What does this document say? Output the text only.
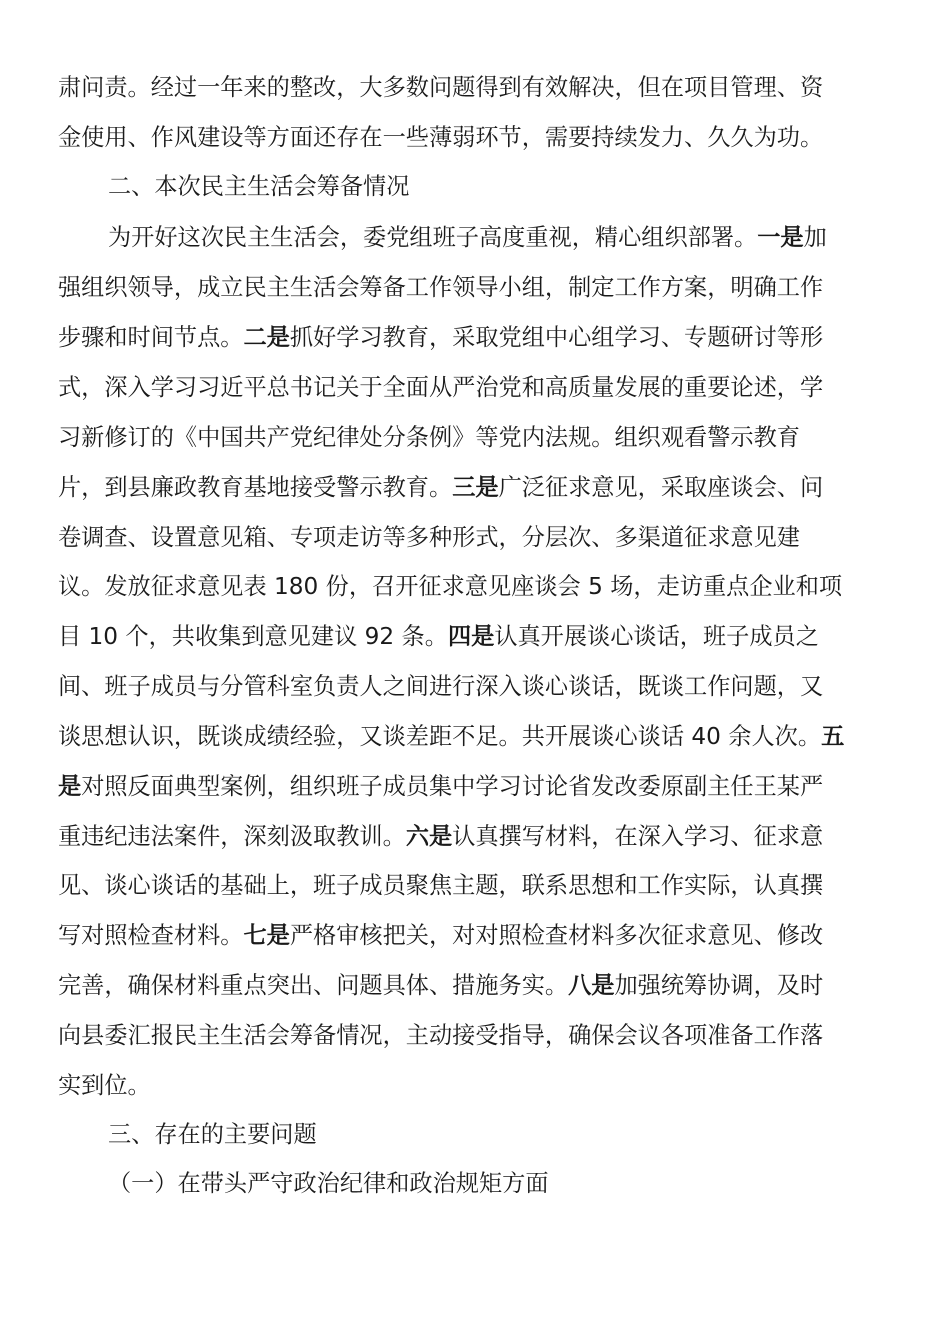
肃问责。经过一年来的整改，大多数问题得到有效解决，但在项目管理、资
金使用、作风建设等方面还存在一些薄弱环节，需要持续发力、久久为功。
二、本次民主生活会筹备情况
为开好这次民主生活会，委党组班子高度重视，精心组织部署。一是加
强组织领导，成立民主生活会筹备工作领导小组，制定工作方案，明确工作
步骤和时间节点。二是抓好学习教育，采取党组中心组学习、专题研讨等形
式，深入学习习近平总书记关于全面从严治党和高质量发展的重要论述，学
习新修订的《中国共产党纪律处分条例》等党内法规。组织观看警示教育
片，到县廉政教育基地接受警示教育。三是广泛征求意见，采取座谈会、问
卷调查、设置意见箱、专项走访等多种形式，分层次、多渠道征求意见建
议。发放征求意见表 180 份，召开征求意见座谈会 5 场，走访重点企业和项
目 10 个，共收集到意见建议 92 条。四是认真开展谈心谈话，班子成员之
间、班子成员与分管科室负责人之间进行深入谈心谈话，既谈工作问题，又
谈思想认识，既谈成绩经验，又谈差距不足。共开展谈心谈话 40 余人次。五
是对照反面典型案例，组织班子成员集中学习讨论省发改委原副主任王某严
重违纪违法案件，深刻汲取教训。六是认真撰写材料，在深入学习、征求意
见、谈心谈话的基础上，班子成员聚焦主题，联系思想和工作实际，认真撰
写对照检查材料。七是严格审核把关，对对照检查材料多次征求意见、修改
完善，确保材料重点突出、问题具体、措施务实。八是加强统筹协调，及时
向县委汇报民主生活会筹备情况，主动接受指导，确保会议各项准备工作落
实到位。
三、存在的主要问题
（一）在带头严守政治纪律和政治规矩方面
